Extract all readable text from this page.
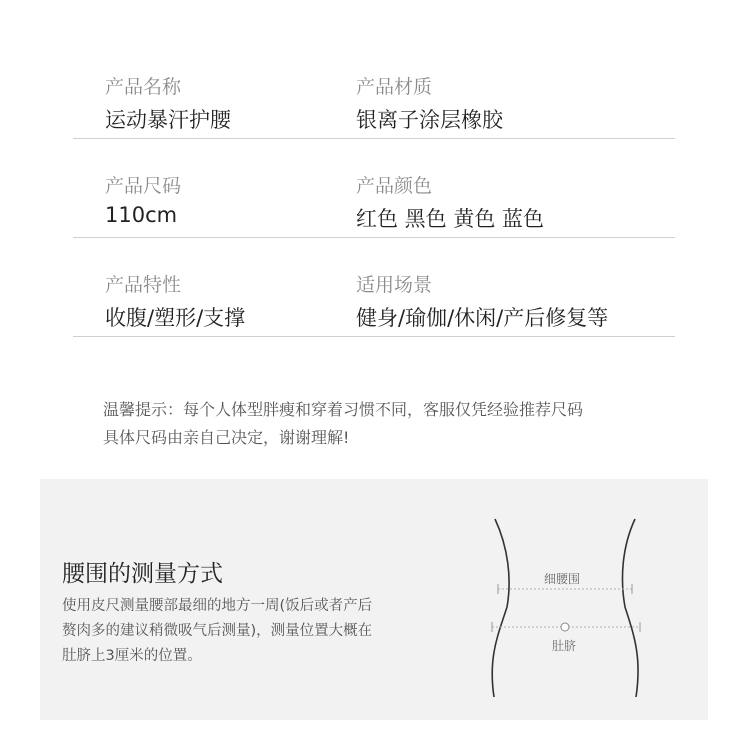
产品名称
运动暴汗护腰
产品材质
银离子涂层橡胶
产品尺码
110cm
产品颜色
红色 黑色 黄色 蓝色
产品特性
收腹/塑形/支撑
适用场景
健身/瑜伽/休闲/产后修复等
温馨提示：每个人体型胖瘦和穿着习惯不同，客服仅凭经验推荐尺码
具体尺码由亲自己决定，谢谢理解!
腰围的测量方式
使用皮尺测量腰部最细的地方一周(饭后或者产后
赘肉多的建议稍微吸气后测量)，测量位置大概在
肚脐上3厘米的位置。
细腰围
肚脐
